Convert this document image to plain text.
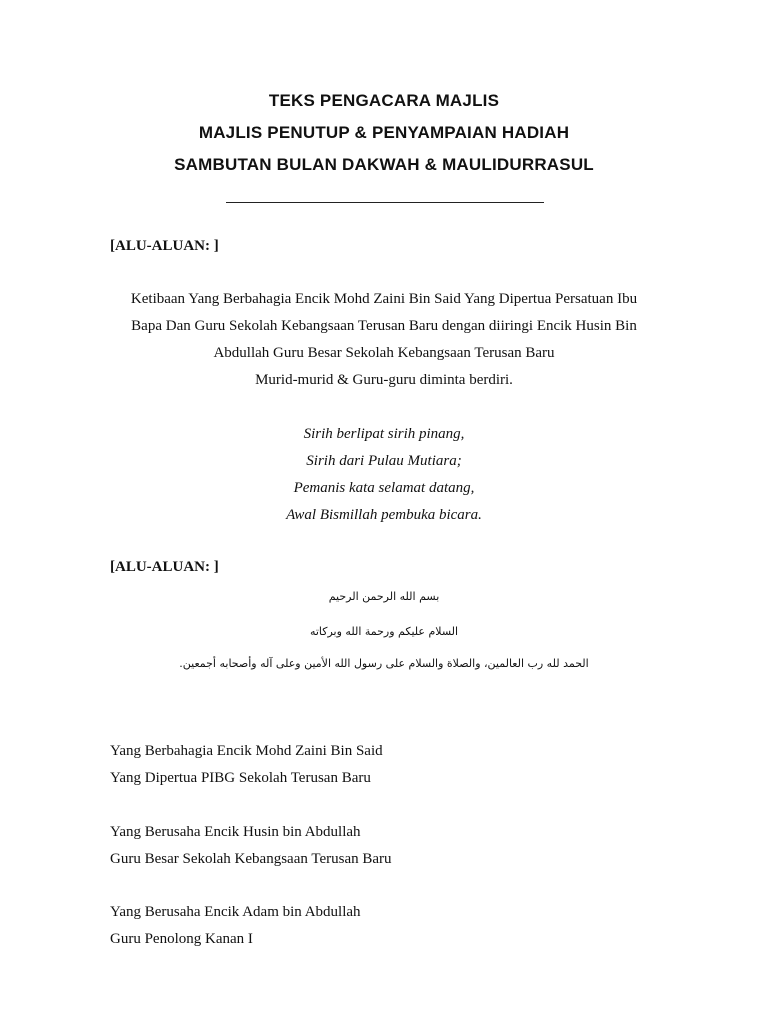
TEKS PENGACARA MAJLIS
MAJLIS PENUTUP & PENYAMPAIAN HADIAH
SAMBUTAN BULAN DAKWAH & MAULIDURRASUL
[ALU-ALUAN: ]
Ketibaan Yang Berbahagia Encik Mohd Zaini Bin Said Yang Dipertua Persatuan Ibu
Bapa Dan Guru Sekolah Kebangsaan Terusan Baru dengan diiringi Encik Husin Bin
Abdullah Guru Besar Sekolah Kebangsaan Terusan Baru
Murid-murid & Guru-guru diminta berdiri.
Sirih berlipat sirih pinang,
Sirih dari Pulau Mutiara;
Pemanis kata selamat datang,
Awal Bismillah pembuka bicara.
[ALU-ALUAN: ]
بسم الله الرحمن الرحيم
السلام عليكم ورحمة الله وبركاته
الحمد لله رب العالمين، والصلاة والسلام على رسول الله الأمين وعلى آله وأصحابه أجمعين.
Yang Berbahagia Encik Mohd Zaini Bin Said
Yang Dipertua PIBG Sekolah Terusan Baru
Yang Berusaha Encik Husin bin Abdullah
Guru Besar Sekolah Kebangsaan Terusan Baru
Yang Berusaha Encik Adam bin Abdullah
Guru Penolong Kanan I
